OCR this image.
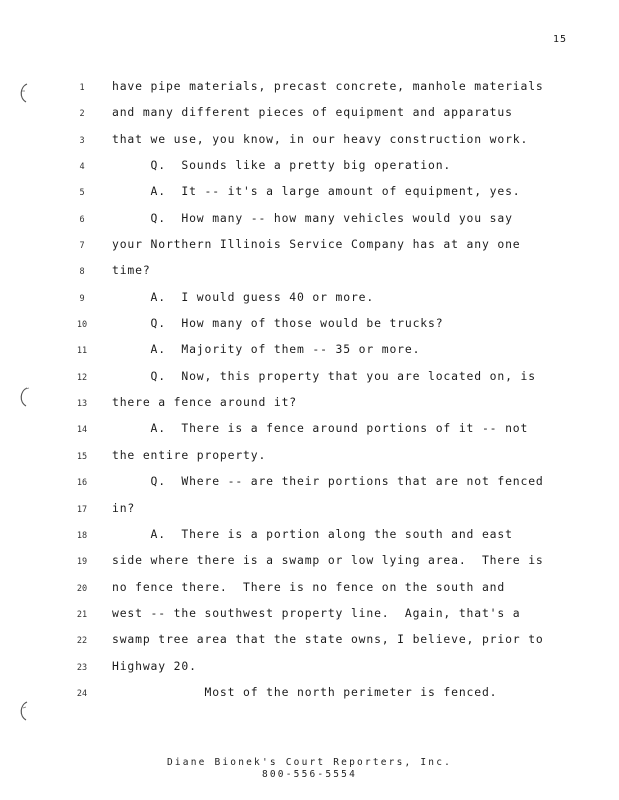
15
1	have pipe materials, precast concrete, manhole materials
2	and many different pieces of equipment and apparatus
3	that we use, you know, in our heavy construction work.
4	Q.  Sounds like a pretty big operation.
5	A.  It -- it's a large amount of equipment, yes.
6	Q.  How many -- how many vehicles would you say
7	your Northern Illinois Service Company has at any one
8	time?
9	A.  I would guess 40 or more.
10	Q.  How many of those would be trucks?
11	A.  Majority of them -- 35 or more.
12	Q.  Now, this property that you are located on, is
13	there a fence around it?
14	A.  There is a fence around portions of it -- not
15	the entire property.
16	Q.  Where -- are their portions that are not fenced
17	in?
18	A.  There is a portion along the south and east
19	side where there is a swamp or low lying area.  There is
20	no fence there.  There is no fence on the south and
21	west -- the southwest property line.  Again, that's a
22	swamp tree area that the state owns, I believe, prior to
23	Highway 20.
24	Most of the north perimeter is fenced.
Diane Bionek's Court Reporters, Inc.
800-556-5554
